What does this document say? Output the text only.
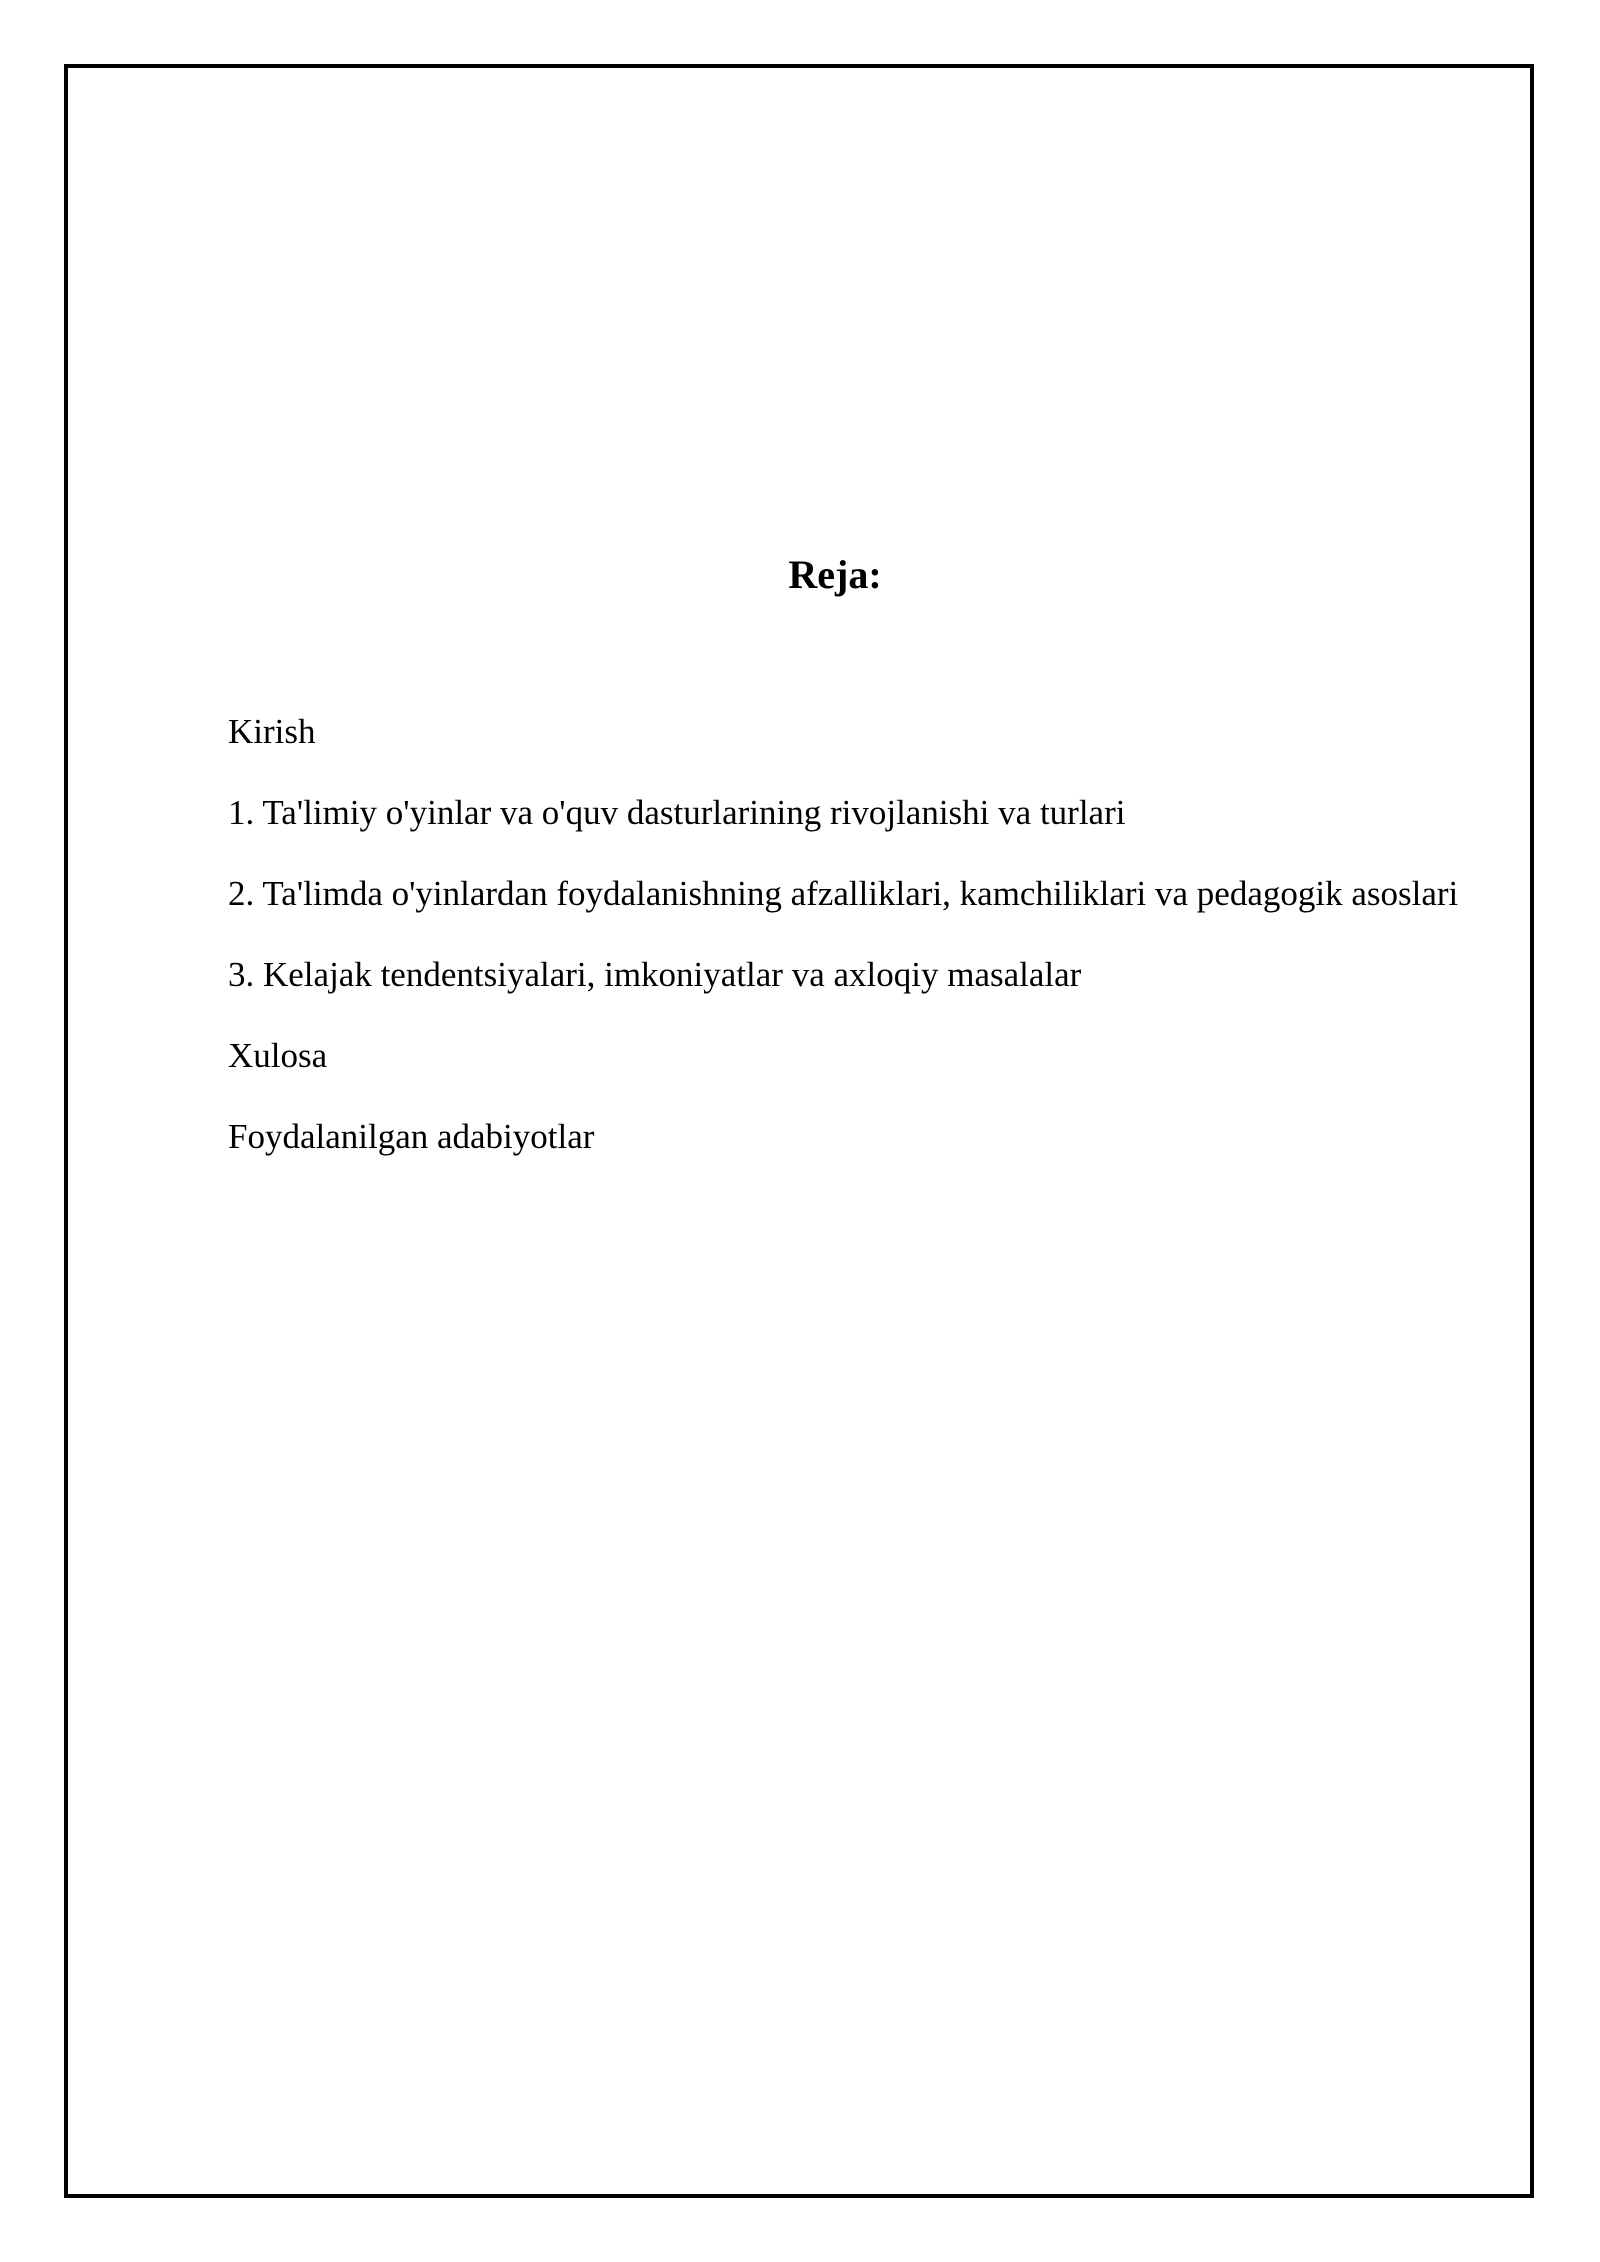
Reja:
Kirish
1. Ta'limiy o'yinlar va o'quv dasturlarining rivojlanishi va turlari
2. Ta'limda o'yinlardan foydalanishning afzalliklari, kamchiliklari va pedagogik asoslari
3. Kelajak tendentsiyalari, imkoniyatlar va axloqiy masalalar
Xulosa
Foydalanilgan adabiyotlar
